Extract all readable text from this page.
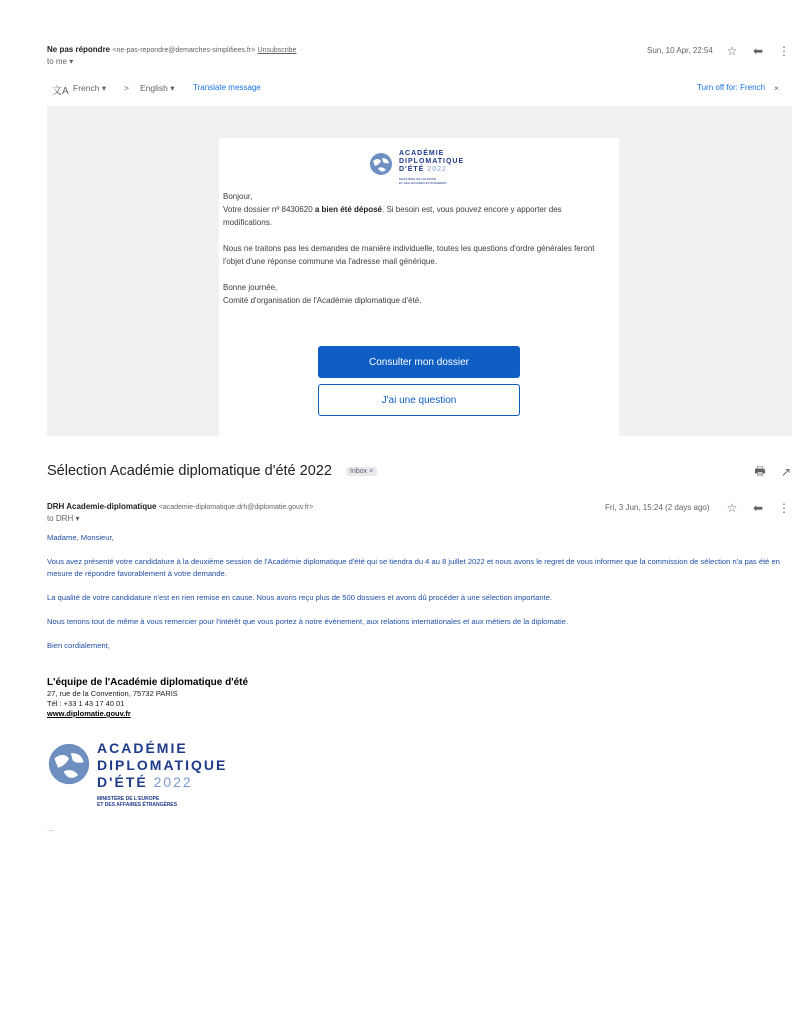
Ne pas répondre <ne-pas-repondre@demarches-simplifiees.fr> Unsubscribe
to me ▾
Sun, 10 Apr, 22:54 ☆ ⬅ ⋮
文A French ▾ > English ▾ Translate message	Turn off for: French ×
ACADÉMIE
DIPLOMATIQUE
D'ÉTÉ 2022
MINISTÈRE DE L'EUROPE
ET DES AFFAIRES ÉTRANGÈRES
Bonjour,
Votre dossier nº 8430620 a bien été déposé. Si besoin est, vous pouvez encore y apporter des modifications.
Nous ne traitons pas les demandes de manière individuelle, toutes les questions d'ordre générales feront l'objet d'une réponse commune via l'adresse mail générique.
Bonne journée,
Comité d'organisation de l'Académie diplomatique d'été.
Consulter mon dossier
J'ai une question
Sélection Académie diplomatique d'été 2022	Inbox ×	🖶 ↗
DRH Academie-diplomatique <academie-diplomatique.drh@diplomatie.gouv.fr>
to DRH ▾
Fri, 3 Jun, 15:24 (2 days ago) ☆ ⬅ ⋮
Madame, Monsieur,
Vous avez présenté votre candidature à la deuxième session de l'Académie diplomatique d'été qui se tiendra du 4 au 8 juillet 2022 et nous avons le regret de vous informer que la commission de sélection n'a pas été en mesure de répondre favorablement à votre demande.
La qualité de votre candidature n'est en rien remise en cause. Nous avons reçu plus de 500 dossiers et avons dû procéder à une sélection importante.
Nous tenons tout de même à vous remercier pour l'intérêt que vous portez à notre évènement, aux relations internationales et aux métiers de la diplomatie.
Bien cordialement,
L'équipe de l'Académie diplomatique d'été
27, rue de la Convention, 75732 PARIS
Tél : +33 1 43 17 40 01
www.diplomatie.gouv.fr
ACADÉMIE
DIPLOMATIQUE
D'ÉTÉ 2022
MINISTÈRE DE L'EUROPE
ET DES AFFAIRES ÉTRANGÈRES
...
